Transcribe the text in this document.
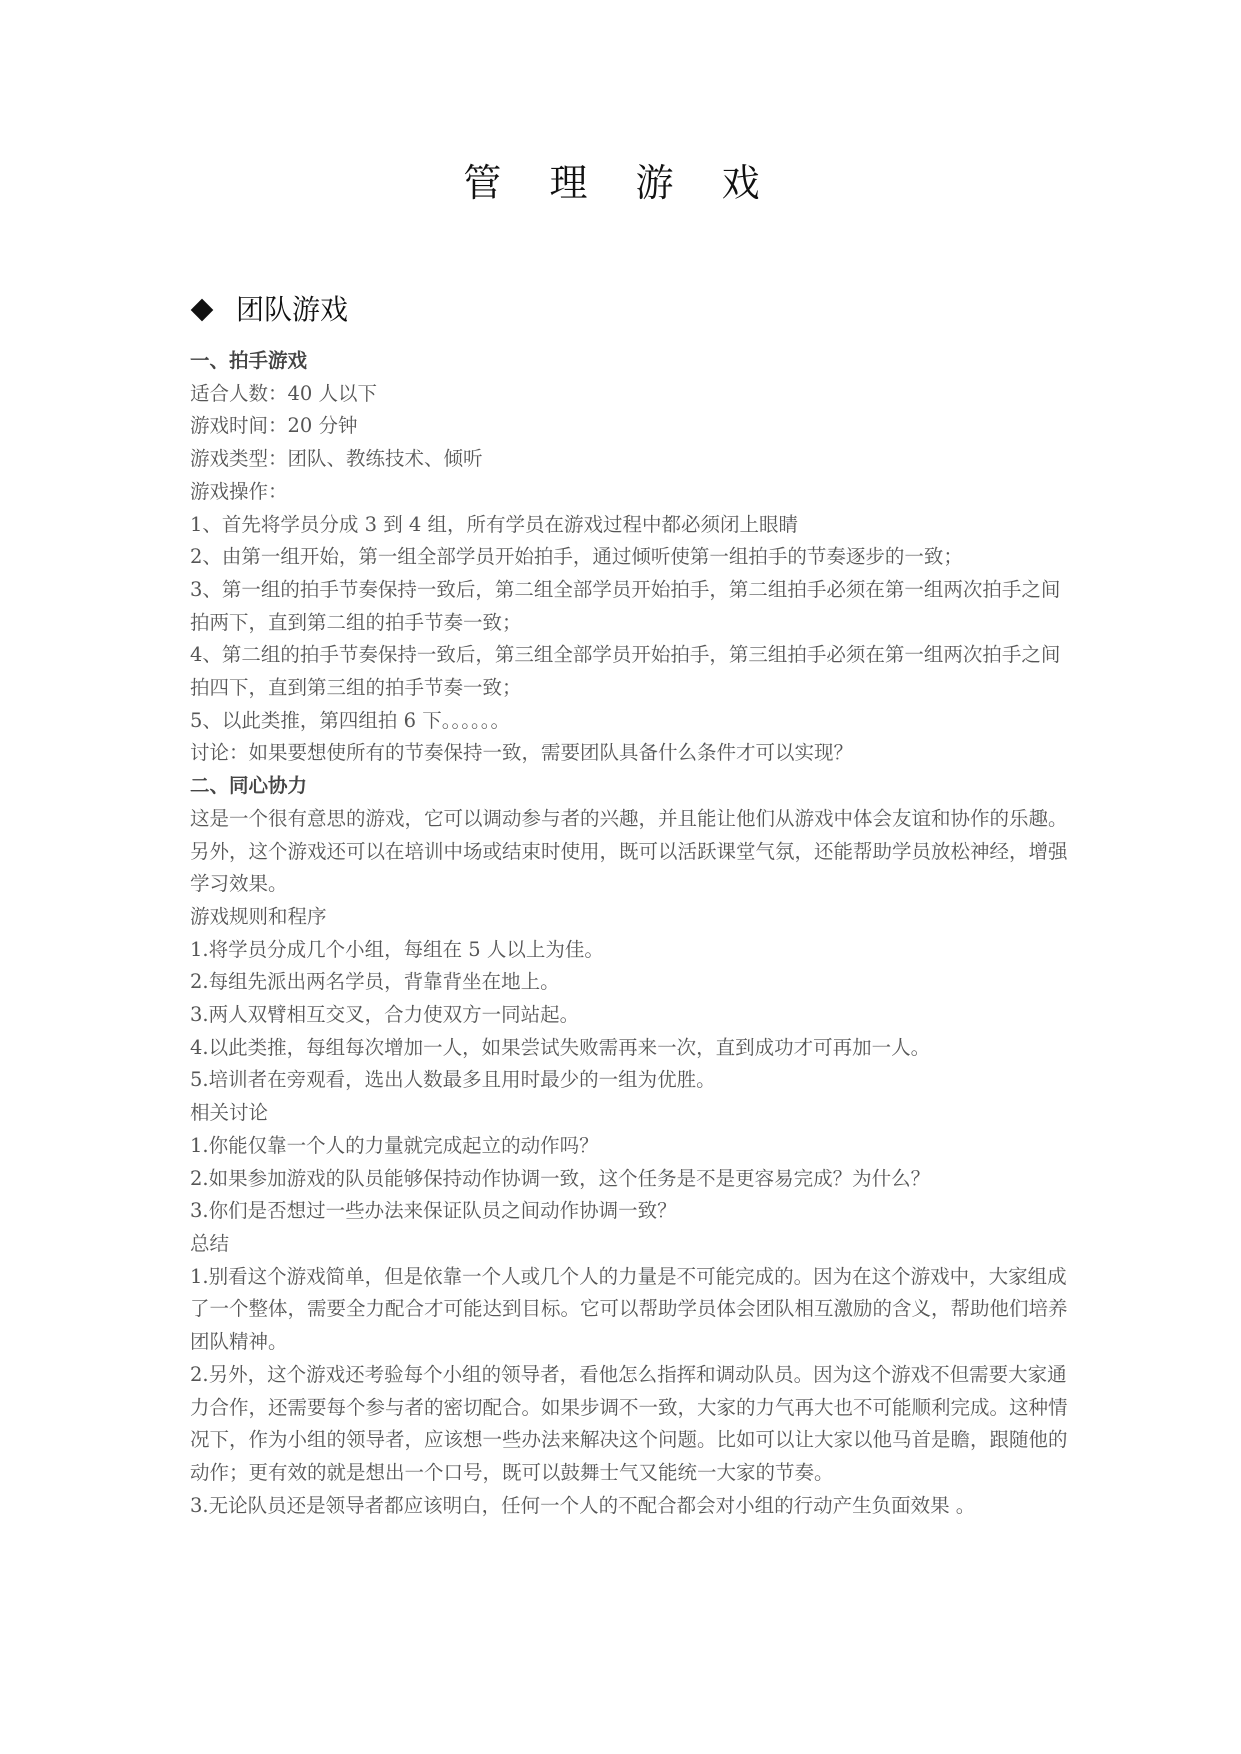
管 理 游 戏
团队游戏

一、拍手游戏

适合人数：40 人以下

游戏时间：20 分钟

游戏类型：团队、教练技术、倾听

游戏操作：

1、首先将学员分成 3 到 4 组，所有学员在游戏过程中都必须闭上眼睛

2、由第一组开始，第一组全部学员开始拍手，通过倾听使第一组拍手的节奏逐步的一致；

3、第一组的拍手节奏保持一致后，第二组全部学员开始拍手，第二组拍手必须在第一组两次拍手之间拍两下，直到第二组的拍手节奏一致；

4、第二组的拍手节奏保持一致后，第三组全部学员开始拍手，第三组拍手必须在第一组两次拍手之间拍四下，直到第三组的拍手节奏一致；

5、以此类推，第四组拍 6 下。。。。。。

讨论：如果要想使所有的节奏保持一致，需要团队具备什么条件才可以实现？

二、同心协力

这是一个很有意思的游戏，它可以调动参与者的兴趣，并且能让他们从游戏中体会友谊和协作的乐趣。另外，这个游戏还可以在培训中场或结束时使用，既可以活跃课堂气氛，还能帮助学员放松神经，增强学习效果。

游戏规则和程序

1.将学员分成几个小组，每组在 5 人以上为佳。

2.每组先派出两名学员，背靠背坐在地上。

3.两人双臂相互交叉，合力使双方一同站起。

4.以此类推，每组每次增加一人，如果尝试失败需再来一次，直到成功才可再加一人。

5.培训者在旁观看，选出人数最多且用时最少的一组为优胜。

相关讨论

1.你能仅靠一个人的力量就完成起立的动作吗？

2.如果参加游戏的队员能够保持动作协调一致，这个任务是不是更容易完成？为什么？

3.你们是否想过一些办法来保证队员之间动作协调一致？

总结

1.别看这个游戏简单，但是依靠一个人或几个人的力量是不可能完成的。因为在这个游戏中，大家组成了一个整体，需要全力配合才可能达到目标。它可以帮助学员体会团队相互激励的含义，帮助他们培养团队精神。

2.另外，这个游戏还考验每个小组的领导者，看他怎么指挥和调动队员。因为这个游戏不但需要大家通力合作，还需要每个参与者的密切配合。如果步调不一致，大家的力气再大也不可能顺利完成。这种情况下，作为小组的领导者，应该想一些办法来解决这个问题。比如可以让大家以他马首是瞻，跟随他的动作；更有效的就是想出一个口号，既可以鼓舞士气又能统一大家的节奏。

3.无论队员还是领导者都应该明白，任何一个人的不配合都会对小组的行动产生负面效果 。
